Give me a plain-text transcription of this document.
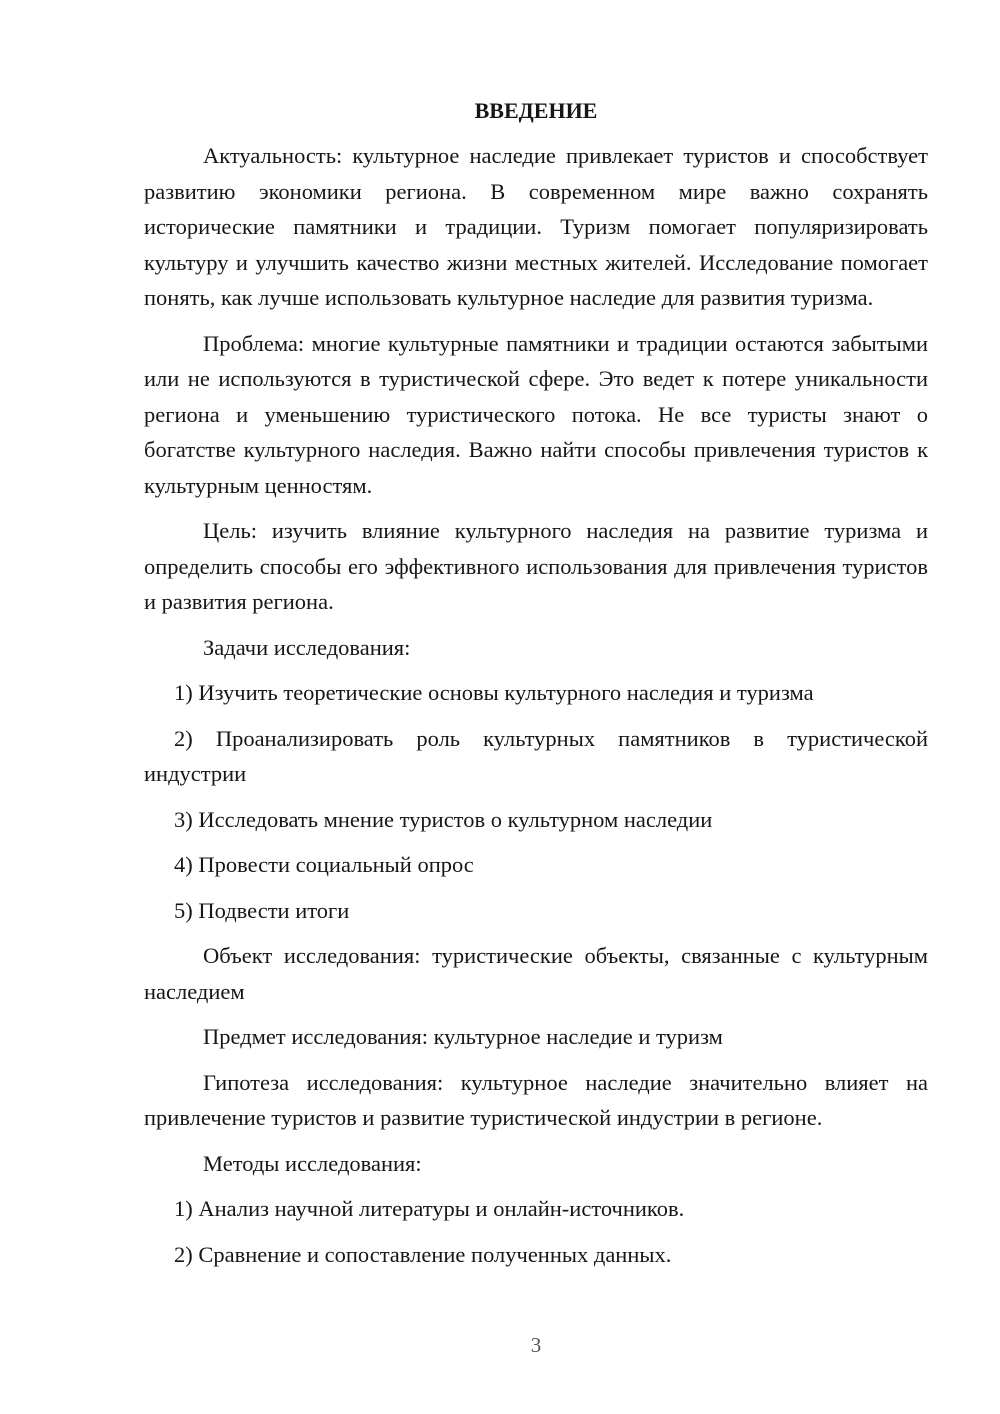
ВВЕДЕНИЕ

Актуальность: культурное наследие привлекает туристов и способствует развитию экономики региона. В современном мире важно сохранять исторические памятники и традиции. Туризм помогает популяризировать культуру и улучшить качество жизни местных жителей. Исследование помогает понять, как лучше использовать культурное наследие для развития туризма.

Проблема: многие культурные памятники и традиции остаются забытыми или не используются в туристической сфере. Это ведет к потере уникальности региона и уменьшению туристического потока. Не все туристы знают о богатстве культурного наследия. Важно найти способы привлечения туристов к культурным ценностям.

Цель: изучить влияние культурного наследия на развитие туризма и определить способы его эффективного использования для привлечения туристов и развития региона.

Задачи исследования:

1) Изучить теоретические основы культурного наследия и туризма

2) Проанализировать роль культурных памятников в туристической индустрии

3) Исследовать мнение туристов о культурном наследии

4) Провести социальный опрос

5) Подвести итоги

Объект исследования: туристические объекты, связанные с культурным наследием

Предмет исследования: культурное наследие и туризм

Гипотеза исследования: культурное наследие значительно влияет на привлечение туристов и развитие туристической индустрии в регионе.

Методы исследования:

1) Анализ научной литературы и онлайн-источников.

2) Сравнение и сопоставление полученных данных.

3
